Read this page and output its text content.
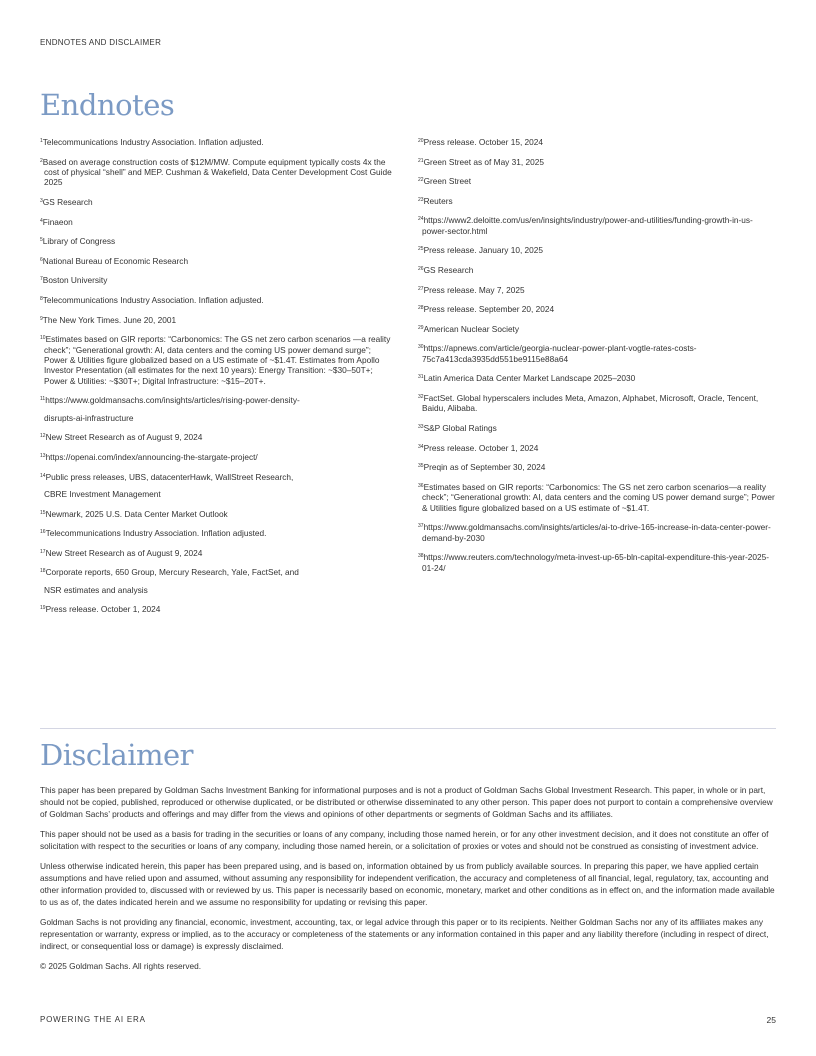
ENDNOTES AND DISCLAIMER
Endnotes
$^1$Telecommunications Industry Association. Inflation adjusted.
$^2$Based on average construction costs of $12M/MW. Compute equipment typically costs 4x the cost of physical “shell” and MEP. Cushman & Wakefield, Data Center Development Cost Guide 2025
$^3$GS Research
$^4$Finaeon
$^5$Library of Congress
$^6$National Bureau of Economic Research
$^7$Boston University
$^8$Telecommunications Industry Association. Inflation adjusted.
$^9$The New York Times. June 20, 2001
$^{10}$Estimates based on GIR reports: “Carbonomics: The GS net zero carbon scenarios —a reality check”; “Generational growth: AI, data centers and the coming US power demand surge”; Power & Utilities figure globalized based on a US estimate of ~$1.4T. Estimates from Apollo Investor Presentation (all estimates for the next 10 years): Energy Transition: ~$30–50T+; Power & Utilities: ~$30T+; Digital Infrastructure: ~$15–20T+.
$^{11}$https://www.goldmansachs.com/insights/articles/rising-power-density-
disrupts-ai-infrastructure
$^{12}$New Street Research as of August 9, 2024
$^{13}$https://openai.com/index/announcing-the-stargate-project/
$^{14}$Public press releases, UBS, datacenterHawk, WallStreet Research,
CBRE Investment Management
$^{15}$Newmark, 2025 U.S. Data Center Market Outlook
$^{16}$Telecommunications Industry Association. Inflation adjusted.
$^{17}$New Street Research as of August 9, 2024
$^{18}$Corporate reports, 650 Group, Mercury Research, Yale, FactSet, and
NSR estimates and analysis
$^{19}$Press release. October 1, 2024
$^{20}$Press release. October 15, 2024
$^{21}$Green Street as of May 31, 2025
$^{22}$Green Street
$^{23}$Reuters
$^{24}$https://www2.deloitte.com/us/en/insights/industry/power-and-utilities/funding-growth-in-us-power-sector.html
$^{25}$Press release. January 10, 2025
$^{26}$GS Research
$^{27}$Press release. May 7, 2025
$^{28}$Press release. September 20, 2024
$^{29}$American Nuclear Society
$^{30}$https://apnews.com/article/georgia-nuclear-power-plant-vogtle-rates-costs-75c7a413cda3935dd551be9115e88a64
$^{31}$Latin America Data Center Market Landscape 2025–2030
$^{32}$FactSet. Global hyperscalers includes Meta, Amazon, Alphabet, Microsoft, Oracle, Tencent, Baidu, Alibaba.
$^{33}$S&P Global Ratings
$^{34}$Press release. October 1, 2024
$^{35}$Preqin as of September 30, 2024
$^{36}$Estimates based on GIR reports: “Carbonomics: The GS net zero carbon scenarios—a reality check”; “Generational growth: AI, data centers and the coming US power demand surge”; Power & Utilities figure globalized based on a US estimate of ~$1.4T.
$^{37}$https://www.goldmansachs.com/insights/articles/ai-to-drive-165-increase-in-data-center-power-demand-by-2030
$^{38}$https://www.reuters.com/technology/meta-invest-up-65-bln-capital-expenditure-this-year-2025-01-24/
Disclaimer

This paper has been prepared by Goldman Sachs Investment Banking for informational purposes and is not a product of Goldman Sachs Global Investment Research. This paper, in whole or in part, should not be copied, published, reproduced or otherwise duplicated, or be distributed or otherwise disseminated to any other person. This paper does not purport to contain a comprehensive overview of Goldman Sachs’ products and offerings and may differ from the views and opinions of other departments or segments of Goldman Sachs and its affiliates.

This paper should not be used as a basis for trading in the securities or loans of any company, including those named herein, or for any other investment decision, and it does not constitute an offer of solicitation with respect to the securities or loans of any company, including those named herein, or a solicitation of proxies or votes and should not be construed as consisting of investment advice.

Unless otherwise indicated herein, this paper has been prepared using, and is based on, information obtained by us from publicly available sources. In preparing this paper, we have applied certain assumptions and have relied upon and assumed, without assuming any responsibility for independent verification, the accuracy and completeness of all financial, legal, regulatory, tax, accounting and other information provided to, discussed with or reviewed by us. This paper is necessarily based on economic, monetary, market and other conditions as in effect on, and the information made available to us as of, the dates indicated herein and we assume no responsibility for updating or revising this paper.

Goldman Sachs is not providing any financial, economic, investment, accounting, tax, or legal advice through this paper or to its recipients. Neither Goldman Sachs nor any of its affiliates makes any representation or warranty, express or implied, as to the accuracy or completeness of the statements or any information contained in this paper and any liability therefore (including in respect of direct, indirect, or consequential loss or damage) is expressly disclaimed.

© 2025 Goldman Sachs. All rights reserved.

POWERING THE AI ERA	25
